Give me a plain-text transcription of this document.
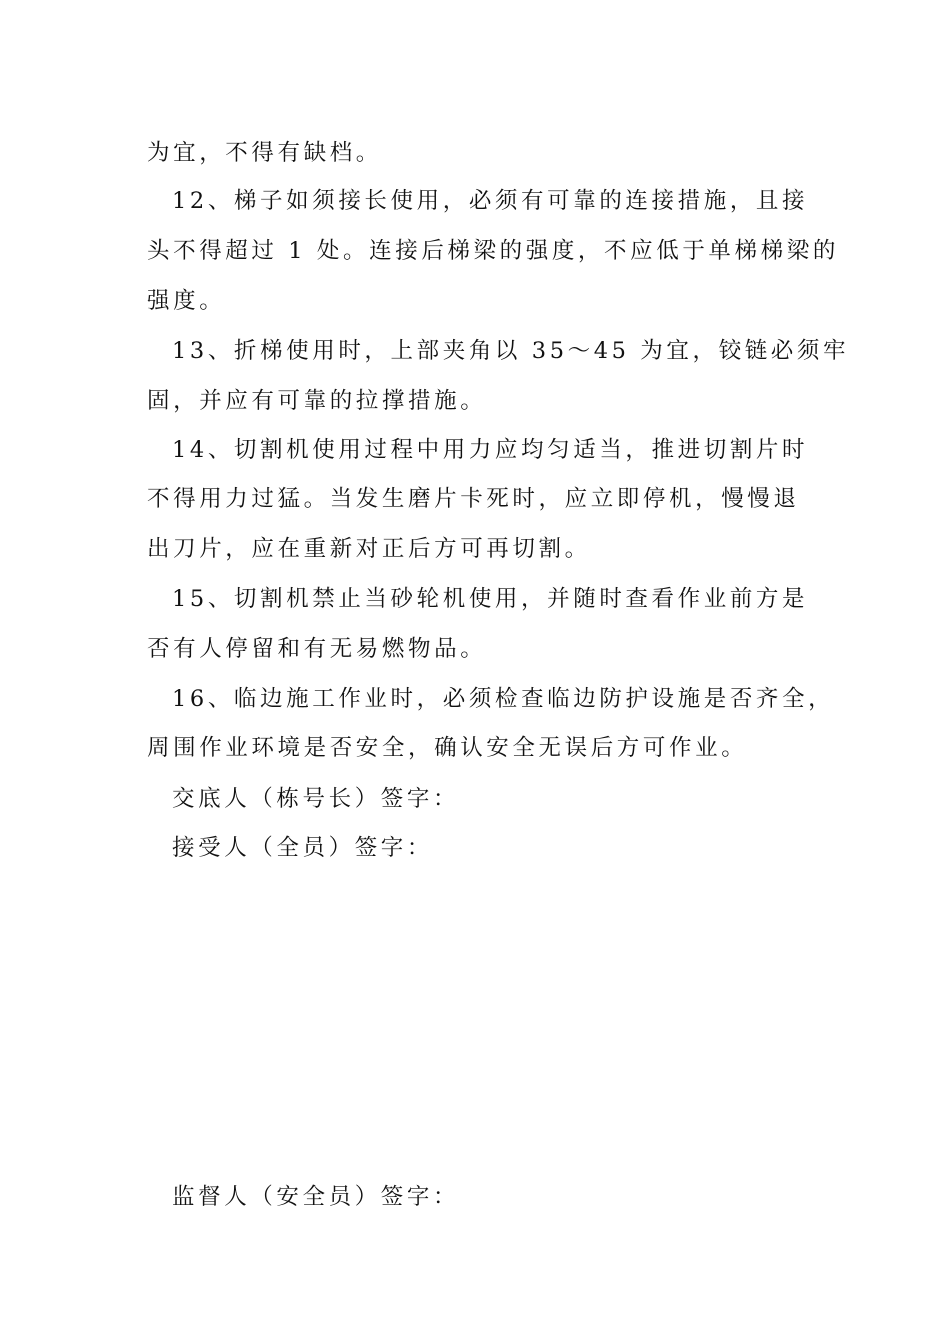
为宜，不得有缺档。
12、梯子如须接长使用，必须有可靠的连接措施，且接
头不得超过 1 处。连接后梯梁的强度，不应低于单梯梯梁的
强度。
13、折梯使用时，上部夹角以 35～45 为宜，铰链必须牢
固，并应有可靠的拉撑措施。
14、切割机使用过程中用力应均匀适当，推进切割片时
不得用力过猛。当发生磨片卡死时，应立即停机，慢慢退
出刀片，应在重新对正后方可再切割。
15、切割机禁止当砂轮机使用，并随时查看作业前方是
否有人停留和有无易燃物品。
16、临边施工作业时，必须检查临边防护设施是否齐全，
周围作业环境是否安全，确认安全无误后方可作业。
交底人（栋号长）签字：
接受人（全员）签字：
监督人（安全员）签字：
